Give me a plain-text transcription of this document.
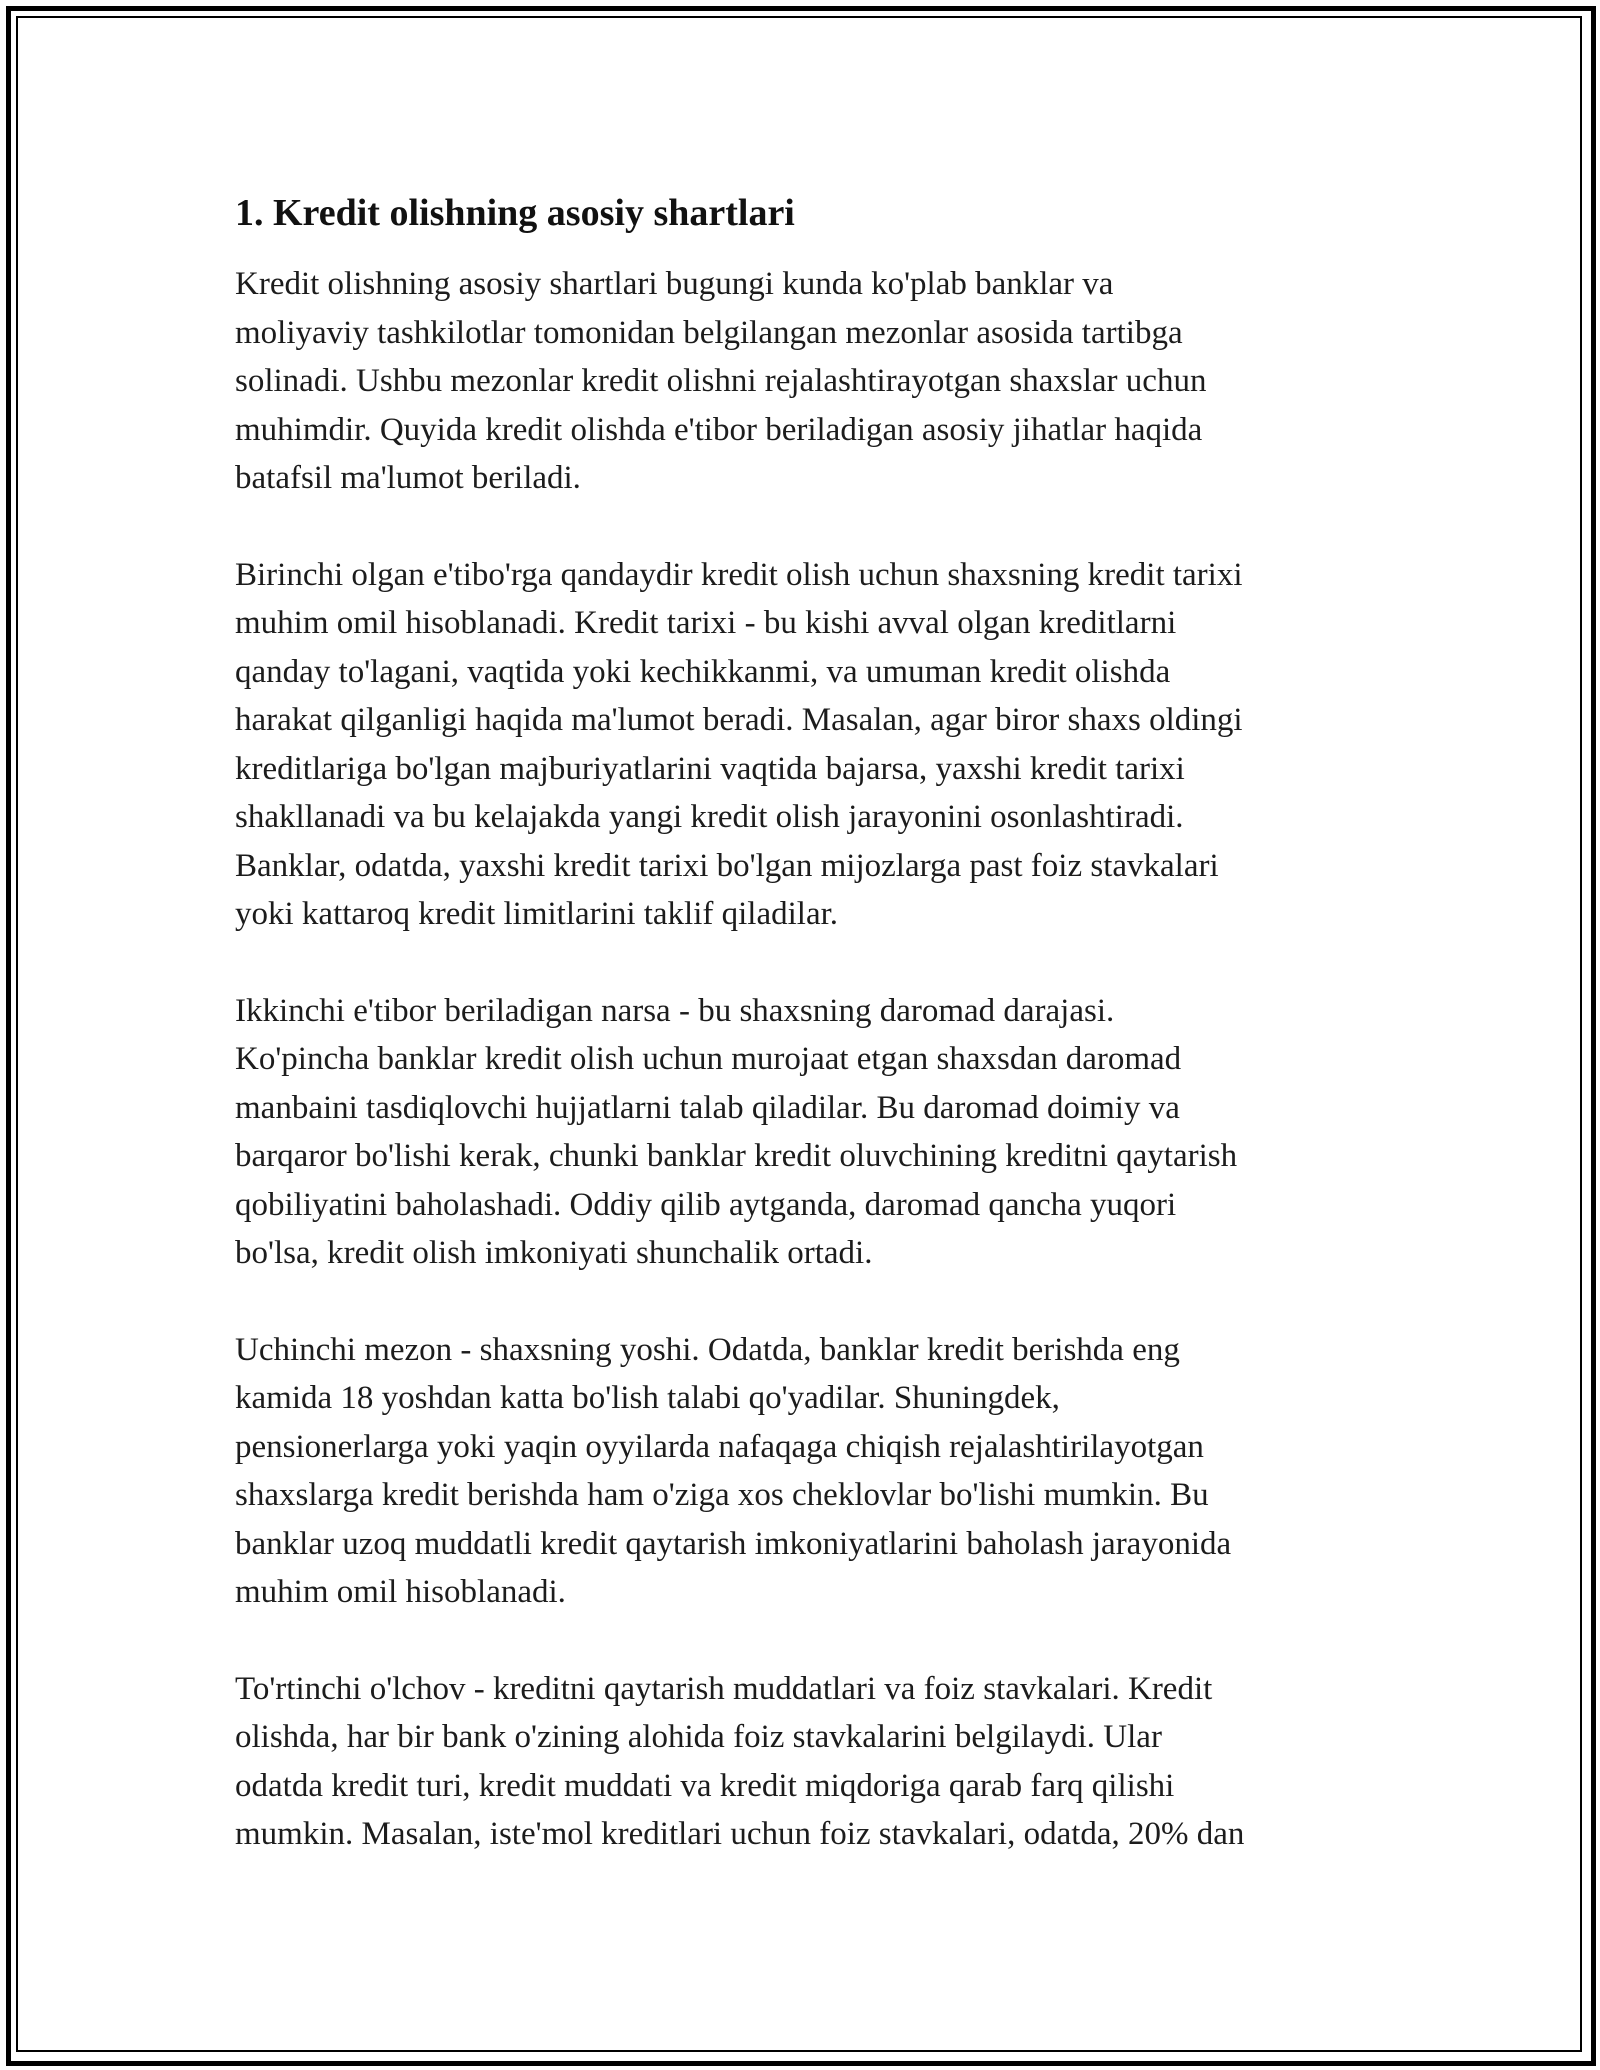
1. Kredit olishning asosiy shartlari

Kredit olishning asosiy shartlari bugungi kunda ko'plab banklar va
moliyaviy tashkilotlar tomonidan belgilangan mezonlar asosida tartibga
solinadi. Ushbu mezonlar kredit olishni rejalashtirayotgan shaxslar uchun
muhimdir. Quyida kredit olishda e'tibor beriladigan asosiy jihatlar haqida
batafsil ma'lumot beriladi.

Birinchi olgan e'tibo'rga qandaydir kredit olish uchun shaxsning kredit tarixi
muhim omil hisoblanadi. Kredit tarixi - bu kishi avval olgan kreditlarni
qanday to'lagani, vaqtida yoki kechikkanmi, va umuman kredit olishda
harakat qilganligi haqida ma'lumot beradi. Masalan, agar biror shaxs oldingi
kreditlariga bo'lgan majburiyatlarini vaqtida bajarsa, yaxshi kredit tarixi
shakllanadi va bu kelajakda yangi kredit olish jarayonini osonlashtiradi.
Banklar, odatda, yaxshi kredit tarixi bo'lgan mijozlarga past foiz stavkalari
yoki kattaroq kredit limitlarini taklif qiladilar.

Ikkinchi e'tibor beriladigan narsa - bu shaxsning daromad darajasi.
Ko'pincha banklar kredit olish uchun murojaat etgan shaxsdan daromad
manbaini tasdiqlovchi hujjatlarni talab qiladilar. Bu daromad doimiy va
barqaror bo'lishi kerak, chunki banklar kredit oluvchining kreditni qaytarish
qobiliyatini baholashadi. Oddiy qilib aytganda, daromad qancha yuqori
bo'lsa, kredit olish imkoniyati shunchalik ortadi.

Uchinchi mezon - shaxsning yoshi. Odatda, banklar kredit berishda eng
kamida 18 yoshdan katta bo'lish talabi qo'yadilar. Shuningdek,
pensionerlarga yoki yaqin oyyilarda nafaqaga chiqish rejalashtirilayotgan
shaxslarga kredit berishda ham o'ziga xos cheklovlar bo'lishi mumkin. Bu
banklar uzoq muddatli kredit qaytarish imkoniyatlarini baholash jarayonida
muhim omil hisoblanadi.

To'rtinchi o'lchov - kreditni qaytarish muddatlari va foiz stavkalari. Kredit
olishda, har bir bank o'zining alohida foiz stavkalarini belgilaydi. Ular
odatda kredit turi, kredit muddati va kredit miqdoriga qarab farq qilishi
mumkin. Masalan, iste'mol kreditlari uchun foiz stavkalari, odatda, 20% dan
